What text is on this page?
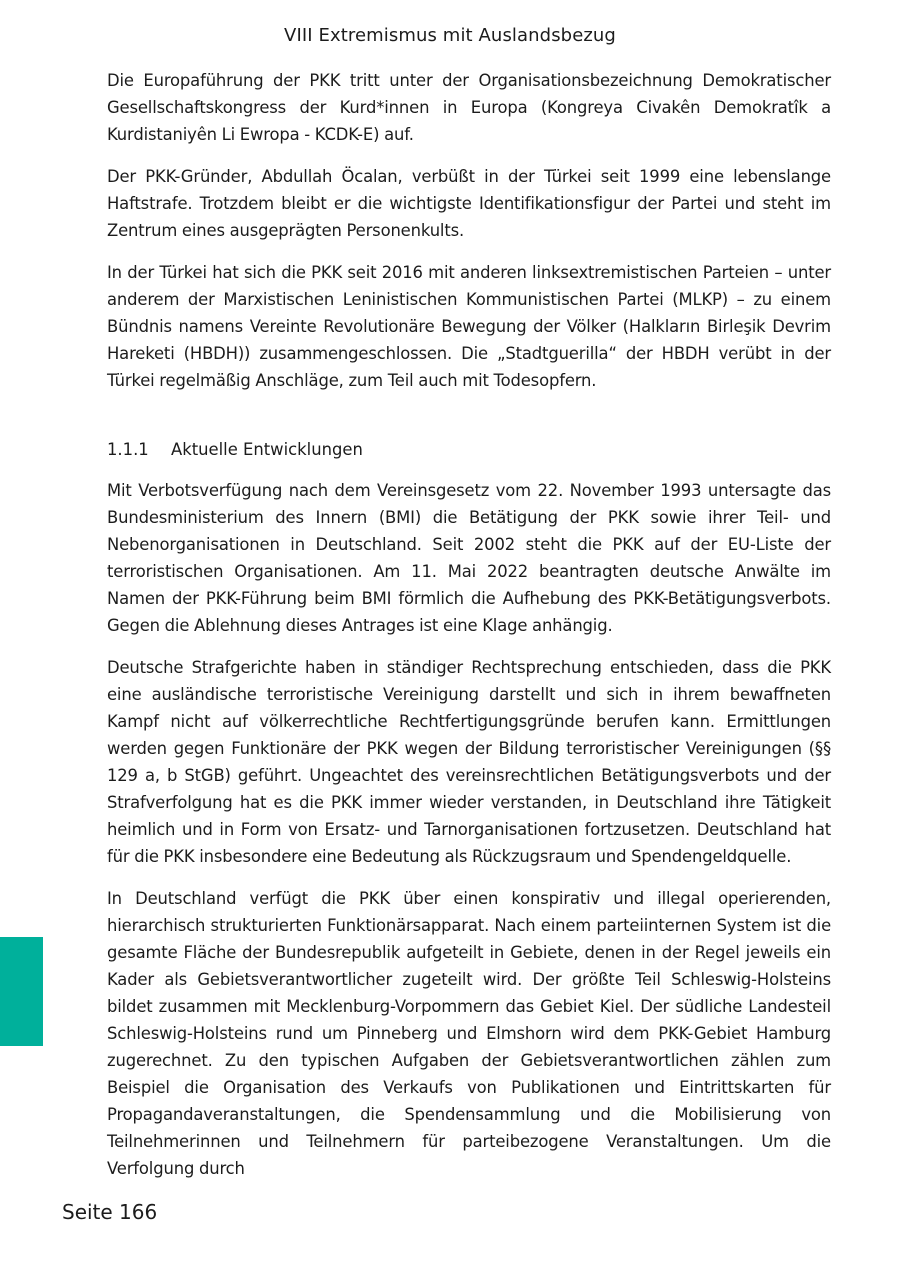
VIII Extremismus mit Auslandsbezug

Die Europaführung der PKK tritt unter der Organisationsbezeichnung Demokratischer Gesellschaftskongress der Kurd*innen in Europa (Kongreya Civakên Demokratîk a Kurdistaniyên Li Ewropa - KCDK-E) auf.

Der PKK-Gründer, Abdullah Öcalan, verbüßt in der Türkei seit 1999 eine lebenslange Haftstrafe. Trotzdem bleibt er die wichtigste Identifikationsfigur der Partei und steht im Zentrum eines ausgeprägten Personenkults.

In der Türkei hat sich die PKK seit 2016 mit anderen linksextremistischen Parteien – unter anderem der Marxistischen Leninistischen Kommunistischen Partei (MLKP) – zu einem Bündnis namens Vereinte Revolutionäre Bewegung der Völker (Halkların Birleşik Devrim Hareketi (HBDH)) zusammengeschlossen. Die „Stadtguerilla“ der HBDH verübt in der Türkei regelmäßig Anschläge, zum Teil auch mit Todesopfern.

1.1.1 Aktuelle Entwicklungen

Mit Verbotsverfügung nach dem Vereinsgesetz vom 22. November 1993 untersagte das Bundesministerium des Innern (BMI) die Betätigung der PKK sowie ihrer Teil- und Nebenorganisationen in Deutschland. Seit 2002 steht die PKK auf der EU-Liste der terroristischen Organisationen. Am 11. Mai 2022 beantragten deutsche Anwälte im Namen der PKK-Führung beim BMI förmlich die Aufhebung des PKK-Betätigungsverbots. Gegen die Ablehnung dieses Antrages ist eine Klage anhängig.

Deutsche Strafgerichte haben in ständiger Rechtsprechung entschieden, dass die PKK eine ausländische terroristische Vereinigung darstellt und sich in ihrem bewaffneten Kampf nicht auf völkerrechtliche Rechtfertigungsgründe berufen kann. Ermittlungen werden gegen Funktionäre der PKK wegen der Bildung terroristischer Vereinigungen (§§ 129 a, b StGB) geführt. Ungeachtet des vereinsrechtlichen Betätigungsverbots und der Strafverfolgung hat es die PKK immer wieder verstanden, in Deutschland ihre Tätigkeit heimlich und in Form von Ersatz- und Tarnorganisationen fortzusetzen. Deutschland hat für die PKK insbesondere eine Bedeutung als Rückzugsraum und Spendengeldquelle.

In Deutschland verfügt die PKK über einen konspirativ und illegal operierenden, hierarchisch strukturierten Funktionärsapparat. Nach einem parteiinternen System ist die gesamte Fläche der Bundesrepublik aufgeteilt in Gebiete, denen in der Regel jeweils ein Kader als Gebietsverantwortlicher zugeteilt wird. Der größte Teil Schleswig-Holsteins bildet zusammen mit Mecklenburg-Vorpommern das Gebiet Kiel. Der südliche Landesteil Schleswig-Holsteins rund um Pinneberg und Elmshorn wird dem PKK-Gebiet Hamburg zugerechnet. Zu den typischen Aufgaben der Gebietsverantwortlichen zählen zum Beispiel die Organisation des Verkaufs von Publikationen und Eintrittskarten für Propagandaveranstaltungen, die Spendensammlung und die Mobilisierung von Teilnehmerinnen und Teilnehmern für parteibezogene Veranstaltungen. Um die Verfolgung durch

Seite 166
